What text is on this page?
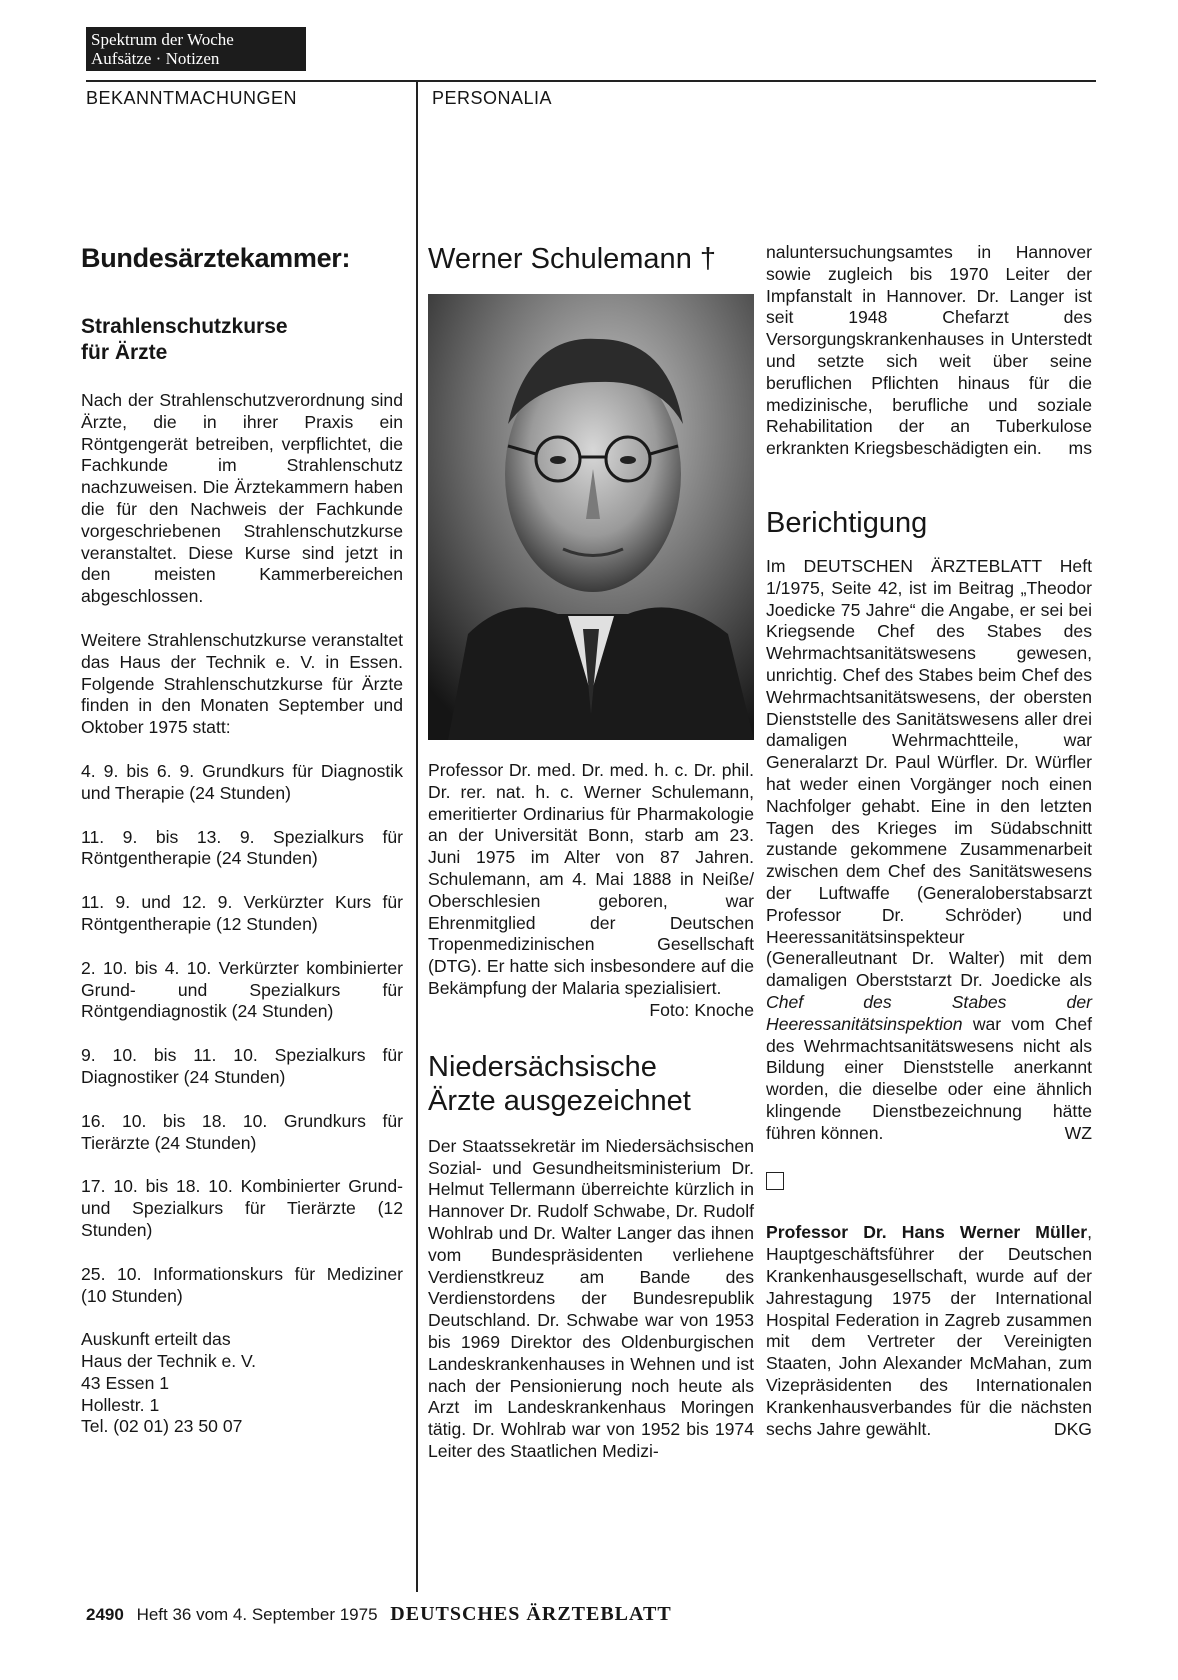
Spektrum der Woche
Aufsätze · Notizen
BEKANNTMACHUNGEN	PERSONALIA
Bundesärztekammer:
Strahlenschutzkurse
für Ärzte

Nach der Strahlenschutzverordnung sind Ärzte, die in ihrer Praxis ein Röntgengerät betreiben, verpflichtet, die Fachkunde im Strahlenschutz nachzuweisen. Die Ärztekammern haben die für den Nachweis der Fachkunde vorgeschriebenen Strahlenschutzkurse veranstaltet. Diese Kurse sind jetzt in den meisten Kammerbereichen abgeschlossen.

Weitere Strahlenschutzkurse veranstaltet das Haus der Technik e. V. in Essen. Folgende Strahlenschutzkurse für Ärzte finden in den Monaten September und Oktober 1975 statt:

4. 9. bis 6. 9. Grundkurs für Diagnostik und Therapie (24 Stunden)

11. 9. bis 13. 9. Spezialkurs für Röntgentherapie (24 Stunden)

11. 9. und 12. 9. Verkürzter Kurs für Röntgentherapie (12 Stunden)

2. 10. bis 4. 10. Verkürzter kombinierter Grund- und Spezialkurs für Röntgendiagnostik (24 Stunden)

9. 10. bis 11. 10. Spezialkurs für Diagnostiker (24 Stunden)

16. 10. bis 18. 10. Grundkurs für Tierärzte (24 Stunden)

17. 10. bis 18. 10. Kombinierter Grund- und Spezialkurs für Tierärzte (12 Stunden)

25. 10. Informationskurs für Mediziner (10 Stunden)

Auskunft erteilt das
Haus der Technik e. V.
43 Essen 1
Hollestr. 1
Tel. (02 01) 23 50 07
Werner Schulemann †

Professor Dr. med. Dr. med. h. c. Dr. phil. Dr. rer. nat. h. c. Werner Schulemann, emeritierter Ordinarius für Pharmakologie an der Universität Bonn, starb am 23. Juni 1975 im Alter von 87 Jahren. Schulemann, am 4. Mai 1888 in Neiße/ Oberschlesien geboren, war Ehrenmitglied der Deutschen Tropenmedizinischen Gesellschaft (DTG). Er hatte sich insbesondere auf die Bekämpfung der Malaria spezialisiert.
Foto: Knoche

Niedersächsische
Ärzte ausgezeichnet

Der Staatssekretär im Niedersächsischen Sozial- und Gesundheitsministerium Dr. Helmut Tellermann überreichte kürzlich in Hannover Dr. Rudolf Schwabe, Dr. Rudolf Wohlrab und Dr. Walter Langer das ihnen vom Bundespräsidenten verliehene Verdienstkreuz am Bande des Verdienstordens der Bundesrepublik Deutschland. Dr. Schwabe war von 1953 bis 1969 Direktor des Oldenburgischen Landeskrankenhauses in Wehnen und ist nach der Pensionierung noch heute als Arzt im Landeskrankenhaus Moringen tätig. Dr. Wohlrab war von 1952 bis 1974 Leiter des Staatlichen Medizi-

naluntersuchungsamtes in Hannover sowie zugleich bis 1970 Leiter der Impfanstalt in Hannover. Dr. Langer ist seit 1948 Chefarzt des Versorgungskrankenhauses in Unterstedt und setzte sich weit über seine beruflichen Pflichten hinaus für die medizinische, berufliche und soziale Rehabilitation der an Tuberkulose erkrankten Kriegsbeschädigten ein. ms

Berichtigung

Im DEUTSCHEN ÄRZTEBLATT Heft 1/1975, Seite 42, ist im Beitrag „Theodor Joedicke 75 Jahre“ die Angabe, er sei bei Kriegsende Chef des Stabes des Wehrmachtsanitätswesens gewesen, unrichtig. Chef des Stabes beim Chef des Wehrmachtsanitätswesens, der obersten Dienststelle des Sanitätswesens aller drei damaligen Wehrmachtteile, war Generalarzt Dr. Paul Würfler. Dr. Würfler hat weder einen Vorgänger noch einen Nachfolger gehabt. Eine in den letzten Tagen des Krieges im Südabschnitt zustande gekommene Zusammenarbeit zwischen dem Chef des Sanitätswesens der Luftwaffe (Generaloberstabsarzt Professor Dr. Schröder) und Heeressanitätsinspekteur (Generalleutnant Dr. Walter) mit dem damaligen Oberststarzt Dr. Joedicke als Chef des Stabes der Heeressanitätsinspektion war vom Chef des Wehrmachtsanitätswesens nicht als Bildung einer Dienststelle anerkannt worden, die dieselbe oder eine ähnlich klingende Dienstbezeichnung hätte führen können.	WZ

Professor Dr. Hans Werner Müller, Hauptgeschäftsführer der Deutschen Krankenhausgesellschaft, wurde auf der Jahrestagung 1975 der International Hospital Federation in Zagreb zusammen mit dem Vertreter der Vereinigten Staaten, John Alexander McMahan, zum Vizepräsidenten des Internationalen Krankenhausverbandes für die nächsten sechs Jahre gewählt.	DKG

2490 Heft 36 vom 4. September 1975 DEUTSCHES ÄRZTEBLATT
